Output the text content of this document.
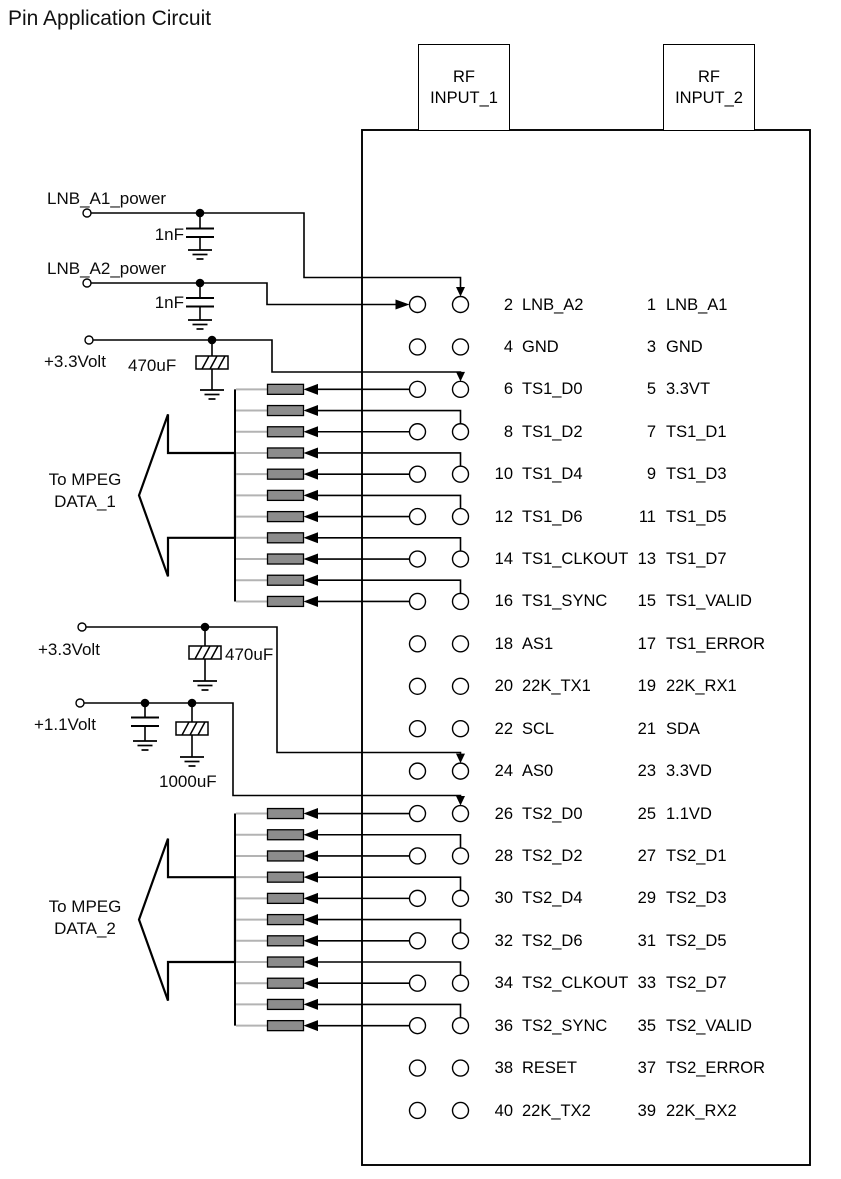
Pin Application Circuit
RF
INPUT_1
RF
INPUT_2
LNB_A1_power
1nF
LNB_A2_power
1nF
+3.3Volt 470uF
To MPEG
DATA_1
+3.3Volt	470uF
+1.1Volt
1000uF
To MPEG
DATA_2
2 LNB_A2	1 LNB_A1
4 GND	3 GND
6 TS1_D0	5 3.3VT
8 TS1_D2	7 TS1_D1
10 TS1_D4	9 TS1_D3
12 TS1_D6	11 TS1_D5
14 TS1_CLKOUT 13 TS1_D7
16 TS1_SYNC	15 TS1_VALID
18 AS1	17 TS1_ERROR
20 22K_TX1	19 22K_RX1
22 SCL	21 SDA
24 AS0	23 3.3VD
26 TS2_D0	25 1.1VD
28 TS2_D2	27 TS2_D1
30 TS2_D4	29 TS2_D3
32 TS2_D6	31 TS2_D5
34 TS2_CLKOUT 33 TS2_D7
36 TS2_SYNC	35 TS2_VALID
38 RESET	37 TS2_ERROR
40 22K_TX2	39 22K_RX2
